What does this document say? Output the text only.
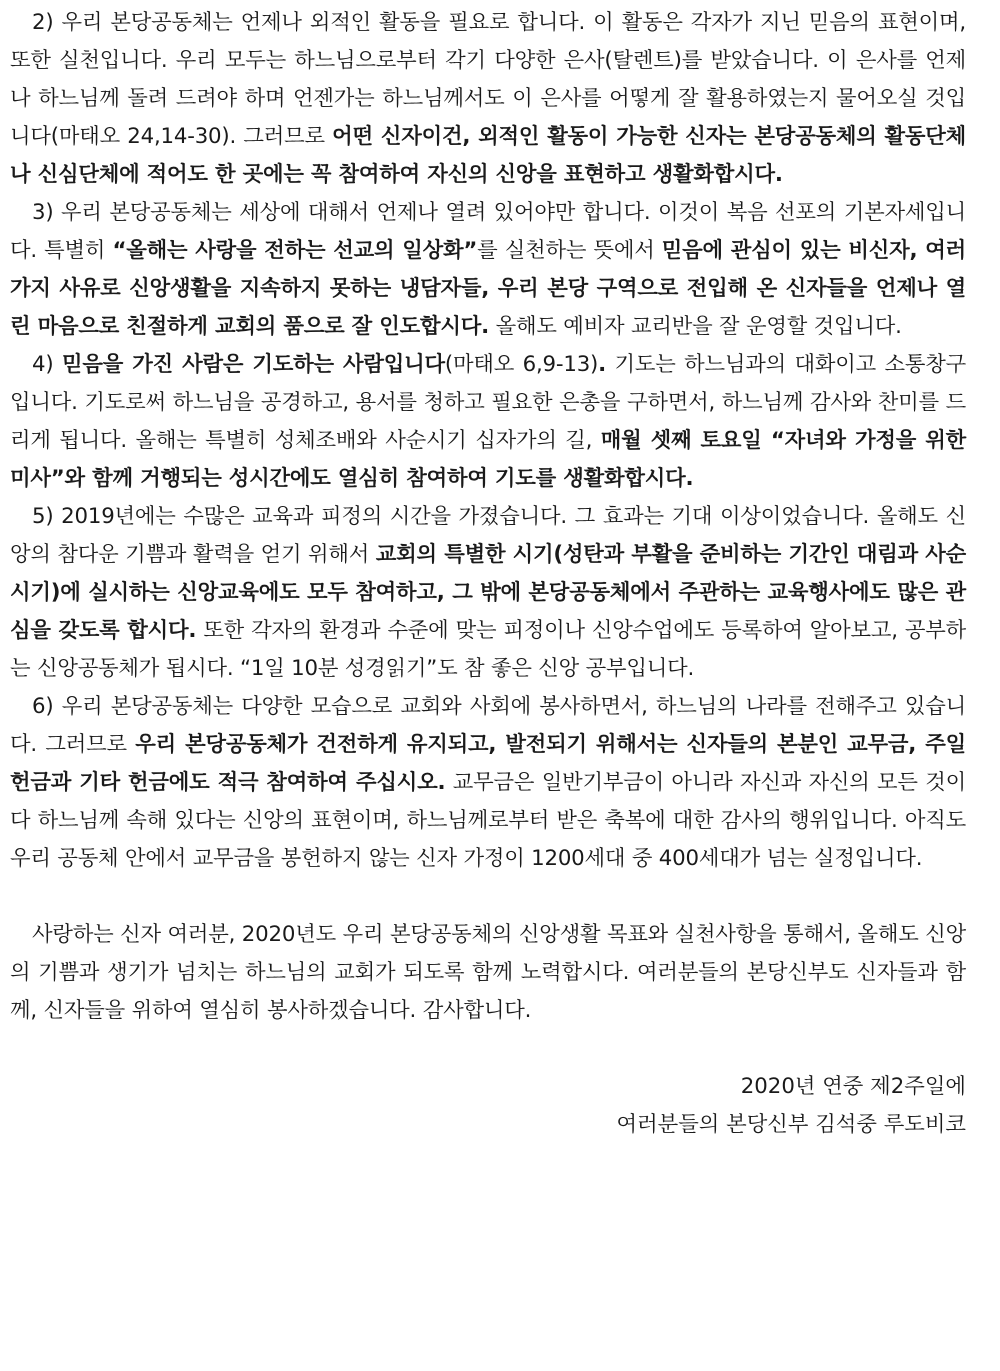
2) 우리 본당공동체는 언제나 외적인 활동을 필요로 합니다. 이 활동은 각자가 지닌 믿음의 표현이며, 또한 실천입니다. 우리 모두는 하느님으로부터 각기 다양한 은사(탈렌트)를 받았습니다. 이 은사를 언제나 하느님께 돌려 드려야 하며 언젠가는 하느님께서도 이 은사를 어떻게 잘 활용하였는지 물어오실 것입니다(마태오 24,14-30). 그러므로 어떤 신자이건, 외적인 활동이 가능한 신자는 본당공동체의 활동단체나 신심단체에 적어도 한 곳에는 꼭 참여하여 자신의 신앙을 표현하고 생활화합시다.

3) 우리 본당공동체는 세상에 대해서 언제나 열려 있어야만 합니다. 이것이 복음 선포의 기본자세입니다. 특별히 “올해는 사랑을 전하는 선교의 일상화”를 실천하는 뜻에서 믿음에 관심이 있는 비신자, 여러 가지 사유로 신앙생활을 지속하지 못하는 냉담자들, 우리 본당 구역으로 전입해 온 신자들을 언제나 열린 마음으로 친절하게 교회의 품으로 잘 인도합시다. 올해도 예비자 교리반을 잘 운영할 것입니다.

4) 믿음을 가진 사람은 기도하는 사람입니다(마태오 6,9-13). 기도는 하느님과의 대화이고 소통창구입니다. 기도로써 하느님을 공경하고, 용서를 청하고 필요한 은총을 구하면서, 하느님께 감사와 찬미를 드리게 됩니다. 올해는 특별히 성체조배와 사순시기 십자가의 길, 매월 셋째 토요일 “자녀와 가정을 위한 미사”와 함께 거행되는 성시간에도 열심히 참여하여 기도를 생활화합시다.

5) 2019년에는 수많은 교육과 피정의 시간을 가졌습니다. 그 효과는 기대 이상이었습니다. 올해도 신앙의 참다운 기쁨과 활력을 얻기 위해서 교회의 특별한 시기(성탄과 부활을 준비하는 기간인 대림과 사순시기)에 실시하는 신앙교육에도 모두 참여하고, 그 밖에 본당공동체에서 주관하는 교육행사에도 많은 관심을 갖도록 합시다. 또한 각자의 환경과 수준에 맞는 피정이나 신앙수업에도 등록하여 알아보고, 공부하는 신앙공동체가 됩시다. “1일 10분 성경읽기”도 참 좋은 신앙 공부입니다.

6) 우리 본당공동체는 다양한 모습으로 교회와 사회에 봉사하면서, 하느님의 나라를 전해주고 있습니다. 그러므로 우리 본당공동체가 건전하게 유지되고, 발전되기 위해서는 신자들의 본분인 교무금, 주일헌금과 기타 헌금에도 적극 참여하여 주십시오. 교무금은 일반기부금이 아니라 자신과 자신의 모든 것이 다 하느님께 속해 있다는 신앙의 표현이며, 하느님께로부터 받은 축복에 대한 감사의 행위입니다. 아직도 우리 공동체 안에서 교무금을 봉헌하지 않는 신자 가정이 1200세대 중 400세대가 넘는 실정입니다.

사랑하는 신자 여러분, 2020년도 우리 본당공동체의 신앙생활 목표와 실천사항을 통해서, 올해도 신앙의 기쁨과 생기가 넘치는 하느님의 교회가 되도록 함께 노력합시다. 여러분들의 본당신부도 신자들과 함께, 신자들을 위하여 열심히 봉사하겠습니다. 감사합니다.

2020년 연중 제2주일에
여러분들의 본당신부 김석중 루도비코
